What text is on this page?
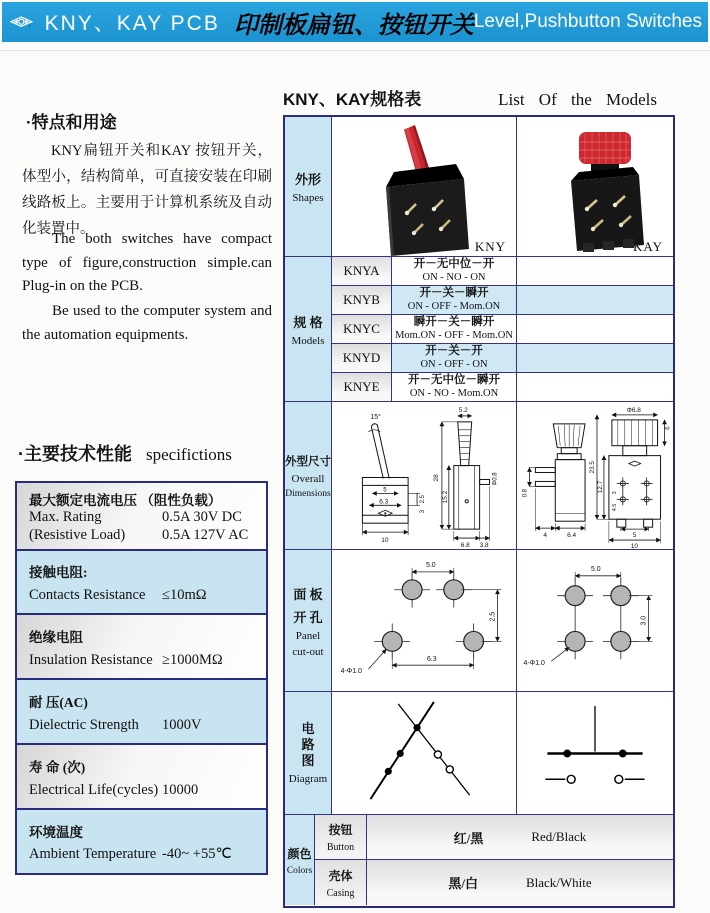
® KNY、KAY PCB 印制板扁钮、按钮开关 Level,Pushbutton Switches
·特点和用途
KNY扁钮开关和KAY 按钮开关，体型小，结构简单，可直接安装在印刷线路板上。主要用于计算机系统及自动化装置中。
The both switches have compact type of figure,construction simple.can Plug-in on the PCB.
Be used to the computer system and the automation equipments.
·主要技术性能 specifictions
最大额定电流电压 （阻性负载）
Max. Rating	0.5A 30V DC
(Resistive Load)	0.5A 127V AC
接触电阻:
Contacts Resistance	≤10mΩ
绝缘电阻
Insulation Resistance ≥1000MΩ
耐 压(AC)
Dielectric Strength	1000V
寿 命 (次)
Electrical Life(cycles) 10000
环境温度
Ambient Temperature -40~ +55℃
KNY、KAY规格表	List Of the Models
外形
Shapes
KNY	KAY
规 格
Models
KNYA	开－无中位－开
ON - NO - ON
KNYB	开－关－瞬开
ON - OFF - Mom.ON
KNYC	瞬开－关－瞬开
Mom.ON - OFF - Mom.ON
KNYD	开－关－开
ON - OFF - ON
KNYE 开－无中位－瞬开
ON - NO - Mom.ON
外型尺寸
Overall
Dimensions
15°
5
6.3	2.5
3
10
5.2
28
15.2
Φ0.8
6.8 3.8
0.8
4	6.4
Φ6.8
23.5
12.7 3
4.5
6
5
10
面 板
开 孔
Panel
cut-out
5.0
6.3
2.5
4-Φ1.0
5.0
3.0
4-Φ1.0
电路图
Diagram
颜色
Colors
按钮
Button
红/黑	Red/Black
壳体
Casing
黑/白	Black/White
